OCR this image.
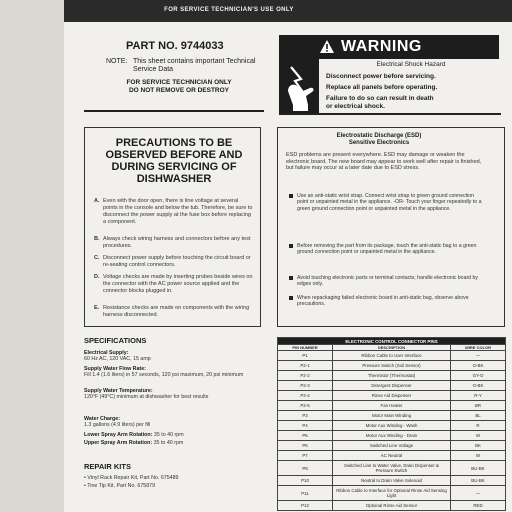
FOR SERVICE TECHNICIAN'S USE ONLY
PART NO. 9744033
NOTE: This sheet contains important Technical Service Data
FOR SERVICE TECHNICIAN ONLY
DO NOT REMOVE OR DESTROY
WARNING
Electrical Shock Hazard
Disconnect power before servicing.
Replace all panels before operating.
Failure to do so can result in death
or electrical shock.
PRECAUTIONS TO BE
OBSERVED BEFORE AND
DURING SERVICING OF
DISHWASHER
A. Even with the door open, there is line voltage at several points in the console and below the tub. Therefore, be sure to disconnect the power supply at the fuse box before replacing a component.
B. Always check wiring harness and connectors before any test procedures.
C. Disconnect power supply before touching the circuit board or re-seating control connectors.
D. Voltage checks are made by inserting probes beside wires on the connector with the AC power source applied and the connector blocks plugged in.
E. Resistance checks are made on components with the wiring harness disconnected.
Electrostatic Discharge (ESD)
Sensitive Electronics
ESD problems are present everywhere. ESD may damage or weaken the electronic board. The new board may appear to work well after repair is finished, but failure may occur at a later date due to ESD stress.
Use an anti-static wrist strap. Connect wrist strap to green ground connection point or unpainted metal in the appliance. -OR- Touch your finger repeatedly to a green ground connection point or unpainted metal in the appliance.
Before removing the part from its package, touch the anti-static bag to a green ground connection point or unpainted metal in the appliance.
Avoid touching electronic parts or terminal contacts; handle electronic board by edges only.
When repackaging failed electronic board in anti-static bag, observe above precautions.
SPECIFICATIONS
Electrical Supply:
60 Hz AC, 120 VAC, 15 amp
Supply Water Flow Rate:
Fill 1.4 (1.6 liters) in 57 seconds, 120 psi maximum, 20 psi minimum
Supply Water Temperature:
120°F (49°C) minimum at dishwasher for best results
Water Charge:
1.3 gallons (4.9 liters) per fill
Lower Spray Arm Rotation: 35 to 40 rpm
Upper Spray Arm Rotation: 35 to 40 rpm
REPAIR KITS
• Vinyl Rack Repair Kit, Part No. 675489
• Tine Tip Kit, Part No. 675879
ELECTRONIC CONTROL CONNECTOR PINS		
PIN NUMBER	DESCRIPTION	WIRE COLOR
P1	Ribbon Cable to User Interface	—
P2-1	Pressure Switch (Soil Sensor)	O-BK
P2-2	Thermistor (Thermostat)	GY-O
P2-3	Detergent Dispenser	O-BK
P2-4	Rinse Aid Dispenser	R-Y
P2-5	Fan Heater	BR
P3	Motor Main Winding	BL
P4	Motor Aux Winding - Wash	R
P5	Motor Aux Winding - Drain	W
P6	Switched Line Voltage	BK
P7	AC Neutral	W
P8	Switched Line to Water Valve, Drain Dispenser & Pressure Switch	BU-BK
P10	Neutral to Drain Valve Solenoid	BU-BK
P11	Ribbon Cable to Interface for Optional Rinse Aid Sensing Light	—
P12	Optional Rinse Aid Sensor	RED
